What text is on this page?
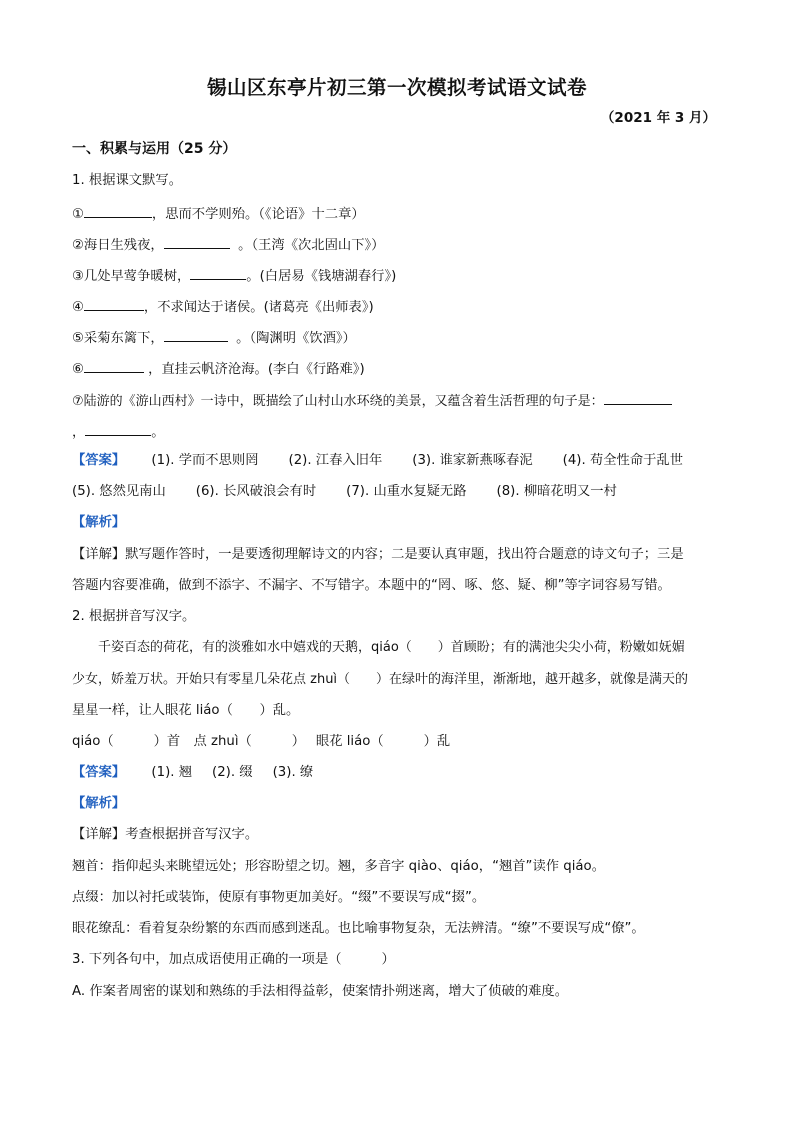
锡山区东亭片初三第一次模拟考试语文试卷
（2021 年 3 月）
一、积累与运用（25 分）
1. 根据课文默写。
①	，思而不学则殆。（《论语》十二章）
②海日生残夜，	。（王湾《次北固山下》）
③几处早莺争暖树，	。(白居易《钱塘湖春行》)
④	，不求闻达于诸侯。(诸葛亮《出师表》)
⑤采菊东篱下，	。（陶渊明《饮酒》）
⑥	，直挂云帆济沧海。(李白《行路难》)
⑦陆游的《游山西村》一诗中，既描绘了山村山水环绕的美景，又蕴含着生活哲理的句子是：
，	。
【答案】 (1). 学而不思则罔 (2). 江春入旧年 (3). 谁家新燕啄春泥 (4). 苟全性命于乱世
(5). 悠然见南山 (6). 长风破浪会有时 (7). 山重水复疑无路 (8). 柳暗花明又一村
【解析】
【详解】默写题作答时，一是要透彻理解诗文的内容；二是要认真审题，找出符合题意的诗文句子；三是
答题内容要准确，做到不添字、不漏字、不写错字。本题中的“罔、啄、悠、疑、柳”等字词容易写错。
2. 根据拼音写汉字。
千姿百态的荷花，有的淡雅如水中嬉戏的天鹅，qiáo（　　）首顾盼；有的满池尖尖小荷，粉嫩如妩媚
少女，娇羞万状。开始只有零星几朵花点 zhuì（　　）在绿叶的海洋里，渐渐地，越开越多，就像是满天的
星星一样，让人眼花 liáo（　　）乱。
qiáo（　　　）首　点 zhuì（　　　）　 眼花 liáo（　　　）乱
【答案】 (1). 翘 (2). 缀 (3). 缭
【解析】
【详解】考查根据拼音写汉字。
翘首：指仰起头来眺望远处；形容盼望之切。翘，多音字 qiào、qiáo，“翘首”读作 qiáo。
点缀：加以衬托或装饰，使原有事物更加美好。“缀”不要误写成“掇”。
眼花缭乱：看着复杂纷繁的东西而感到迷乱。也比喻事物复杂，无法辨清。“缭”不要误写成“僚”。
3. 下列各句中，加点成语使用正确的一项是（　　　）
A. 作案者周密的谋划和熟练的手法相得益彰，使案情扑朔迷离，增大了侦破的难度。
